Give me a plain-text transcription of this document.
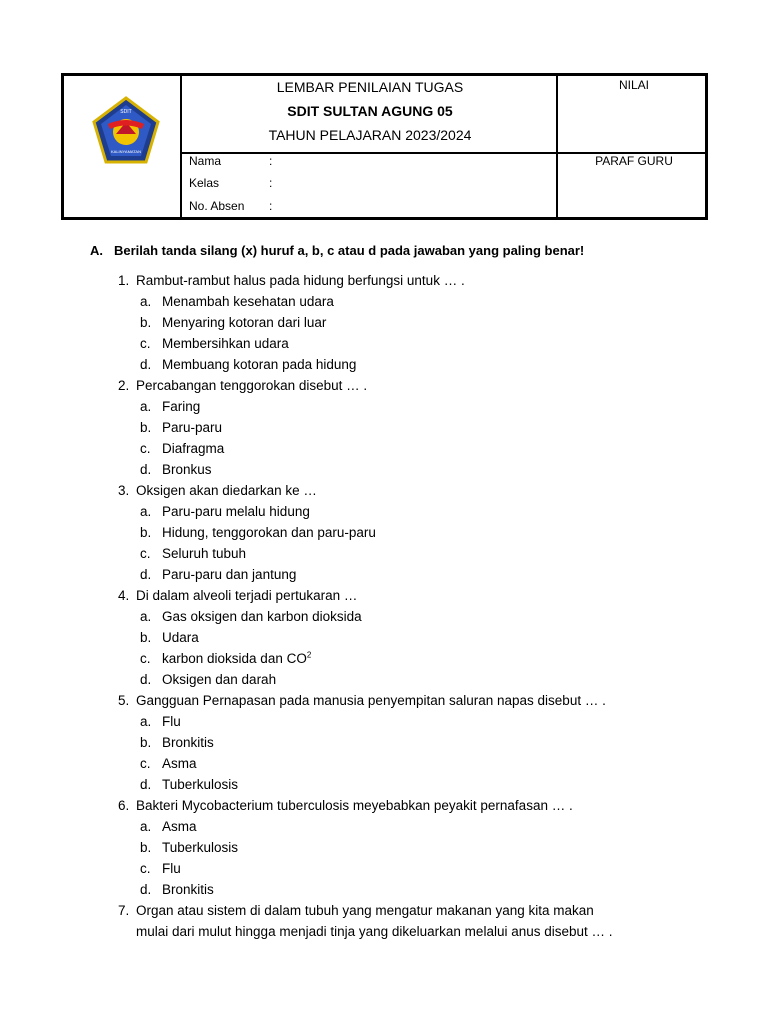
SDIT
KALINYAMATAN
LEMBAR PENILAIAN TUGAS
SDIT SULTAN AGUNG 05
TAHUN PELAJARAN 2023/2024
NILAI
PARAF GURU
Nama	:
Kelas	:
No. Absen :
A. Berilah tanda silang (x) huruf a, b, c atau d pada jawaban yang paling benar!
1. Rambut-rambut halus pada hidung berfungsi untuk … .
a. Menambah kesehatan udara
b. Menyaring kotoran dari luar
c. Membersihkan udara
d. Membuang kotoran pada hidung
2. Percabangan tenggorokan disebut … .
a. Faring
b. Paru-paru
c. Diafragma
d. Bronkus
3. Oksigen akan diedarkan ke …
a. Paru-paru melalu hidung
b. Hidung, tenggorokan dan paru-paru
c. Seluruh tubuh
d. Paru-paru dan jantung
4. Di dalam alveoli terjadi pertukaran …
a. Gas oksigen dan karbon dioksida
b. Udara
c. karbon dioksida dan $CO^2$
d. Oksigen dan darah
5. Gangguan Pernapasan pada manusia penyempitan saluran napas disebut … .
a. Flu
b. Bronkitis
c. Asma
d. Tuberkulosis
6. Bakteri Mycobacterium tuberculosis meyebabkan peyakit pernafasan … .
a. Asma
b. Tuberkulosis
c. Flu
d. Bronkitis
7. Organ atau sistem di dalam tubuh yang mengatur makanan yang kita makan
mulai dari mulut hingga menjadi tinja yang dikeluarkan melalui anus disebut … .
